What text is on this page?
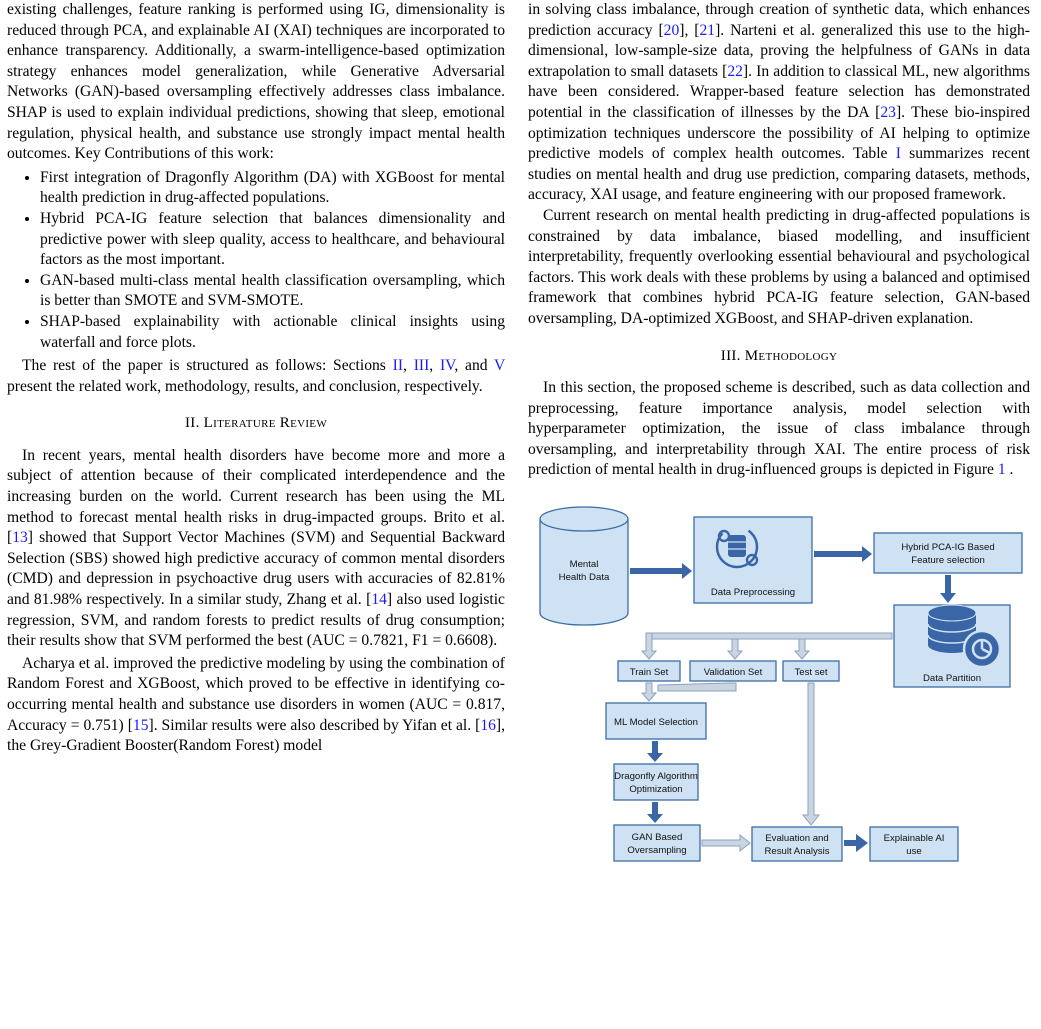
existing challenges, feature ranking is performed using IG, dimensionality is reduced through PCA, and explainable AI (XAI) techniques are incorporated to enhance transparency. Additionally, a swarm-intelligence-based optimization strategy enhances model generalization, while Generative Adversarial Networks (GAN)-based oversampling effectively addresses class imbalance. SHAP is used to explain individual predictions, showing that sleep, emotional regulation, physical health, and substance use strongly impact mental health outcomes. Key Contributions of this work:

• First integration of Dragonfly Algorithm (DA) with XGBoost for mental health prediction in drug-affected populations.
• Hybrid PCA-IG feature selection that balances dimensionality and predictive power with sleep quality, access to healthcare, and behavioural factors as the most important.
• GAN-based multi-class mental health classification oversampling, which is better than SMOTE and SVM-SMOTE.
• SHAP-based explainability with actionable clinical insights using waterfall and force plots.

The rest of the paper is structured as follows: Sections II, III, IV, and V present the related work, methodology, results, and conclusion, respectively.

II. Literature Review

In recent years, mental health disorders have become more and more a subject of attention because of their complicated interdependence and the increasing burden on the world. Current research has been using the ML method to forecast mental health risks in drug-impacted groups. Brito et al. [13] showed that Support Vector Machines (SVM) and Sequential Backward Selection (SBS) showed high predictive accuracy of common mental disorders (CMD) and depression in psychoactive drug users with accuracies of 82.81% and 81.98% respectively. In a similar study, Zhang et al. [14] also used logistic regression, SVM, and random forests to predict results of drug consumption; their results show that SVM performed the best (AUC = 0.7821, F1 = 0.6608).

Acharya et al. improved the predictive modeling by using the combination of Random Forest and XGBoost, which proved to be effective in identifying co-occurring mental health and substance use disorders in women (AUC = 0.817, Accuracy = 0.751) [15]. Similar results were also described by Yifan et al. [16], the Grey-Gradient Booster(Random Forest) model

in solving class imbalance, through creation of synthetic data, which enhances prediction accuracy [20], [21]. Narteni et al. generalized this use to the high-dimensional, low-sample-size data, proving the helpfulness of GANs in data extrapolation to small datasets [22]. In addition to classical ML, new algorithms have been considered. Wrapper-based feature selection has demonstrated potential in the classification of illnesses by the DA [23]. These bio-inspired optimization techniques underscore the possibility of AI helping to optimize predictive models of complex health outcomes. Table I summarizes recent studies on mental health and drug use prediction, comparing datasets, methods, accuracy, XAI usage, and feature engineering with our proposed framework.

Current research on mental health predicting in drug-affected populations is constrained by data imbalance, biased modelling, and insufficient interpretability, frequently overlooking essential behavioural and psychological factors. This work deals with these problems by using a balanced and optimised framework that combines hybrid PCA-IG feature selection, GAN-based oversampling, DA-optimized XGBoost, and SHAP-driven explanation.

III. Methodology

In this section, the proposed scheme is described, such as data collection and preprocessing, feature importance analysis, model selection with hyperparameter optimization, the issue of class imbalance through oversampling, and interpretability through XAI. The entire process of risk prediction of mental health in drug-influenced groups is depicted in Figure 1 .

Mental
Health Data
Data Preprocessing
Hybrid PCA-IG Based
Feature selection
Data Partition
Train Set	Validation Set	Test set
ML Model Selection
Dragonfly Algorithm
Optimization
GAN Based
Oversampling
Evaluation and
Result Analysis
Explainable AI
use
